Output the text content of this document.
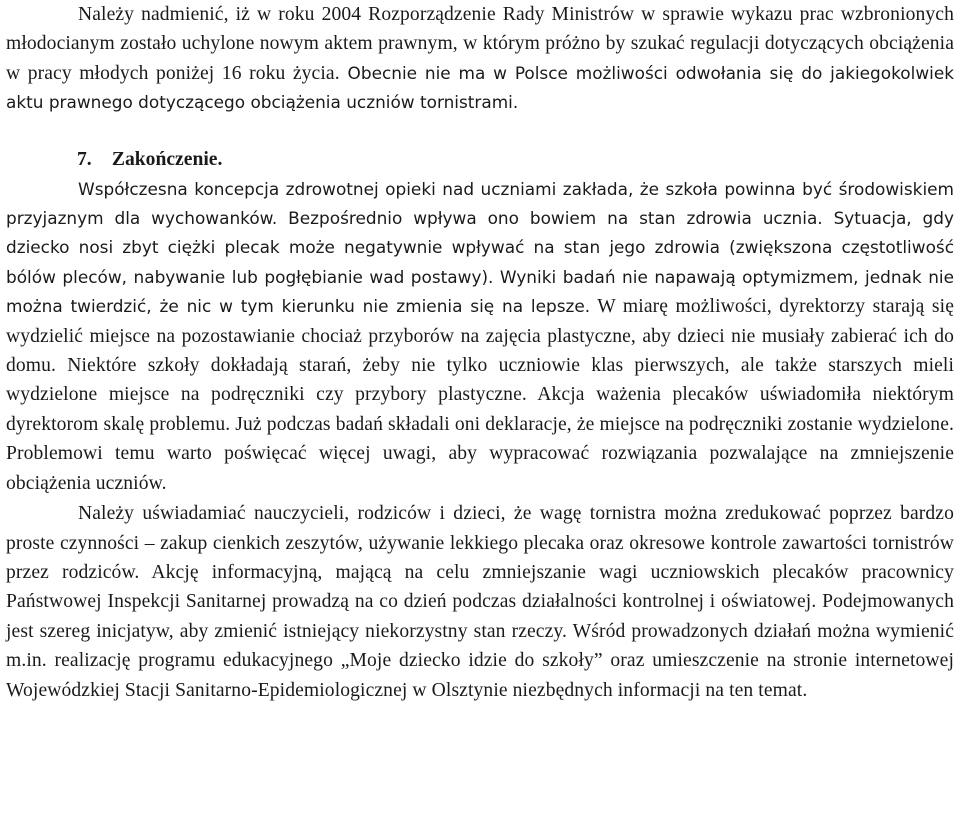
Należy nadmienić, iż w roku 2004 Rozporządzenie Rady Ministrów w sprawie wykazu prac wzbronionych młodocianym zostało uchylone nowym aktem prawnym, w którym próżno by szukać regulacji dotyczących obciążenia w pracy młodych poniżej 16 roku życia. Obecnie nie ma w Polsce możliwości odwołania się do jakiegokolwiek aktu prawnego dotyczącego obciążenia uczniów tornistrami.

7. Zakończenie.

Współczesna koncepcja zdrowotnej opieki nad uczniami zakłada, że szkoła powinna być środowiskiem przyjaznym dla wychowanków. Bezpośrednio wpływa ono bowiem na stan zdrowia ucznia. Sytuacja, gdy dziecko nosi zbyt ciężki plecak może negatywnie wpływać na stan jego zdrowia (zwiększona częstotliwość bólów pleców, nabywanie lub pogłębianie wad postawy). Wyniki badań nie napawają optymizmem, jednak nie można twierdzić, że nic w tym kierunku nie zmienia się na lepsze. W miarę możliwości, dyrektorzy starają się wydzielić miejsce na pozostawianie chociaż przyborów na zajęcia plastyczne, aby dzieci nie musiały zabierać ich do domu. Niektóre szkoły dokładają starań, żeby nie tylko uczniowie klas pierwszych, ale także starszych mieli wydzielone miejsce na podręczniki czy przybory plastyczne. Akcja ważenia plecaków uświadomiła niektórym dyrektorom skalę problemu. Już podczas badań składali oni deklaracje, że miejsce na podręczniki zostanie wydzielone. Problemowi temu warto poświęcać więcej uwagi, aby wypracować rozwiązania pozwalające na zmniejszenie obciążenia uczniów.

Należy uświadamiać nauczycieli, rodziców i dzieci, że wagę tornistra można zredukować poprzez bardzo proste czynności – zakup cienkich zeszytów, używanie lekkiego plecaka oraz okresowe kontrole zawartości tornistrów przez rodziców. Akcję informacyjną, mającą na celu zmniejszanie wagi uczniowskich plecaków pracownicy Państwowej Inspekcji Sanitarnej prowadzą na co dzień podczas działalności kontrolnej i oświatowej. Podejmowanych jest szereg inicjatyw, aby zmienić istniejący niekorzystny stan rzeczy. Wśród prowadzonych działań można wymienić m.in. realizację programu edukacyjnego „Moje dziecko idzie do szkoły” oraz umieszczenie na stronie internetowej Wojewódzkiej Stacji Sanitarno-Epidemiologicznej w Olsztynie niezbędnych informacji na ten temat.
